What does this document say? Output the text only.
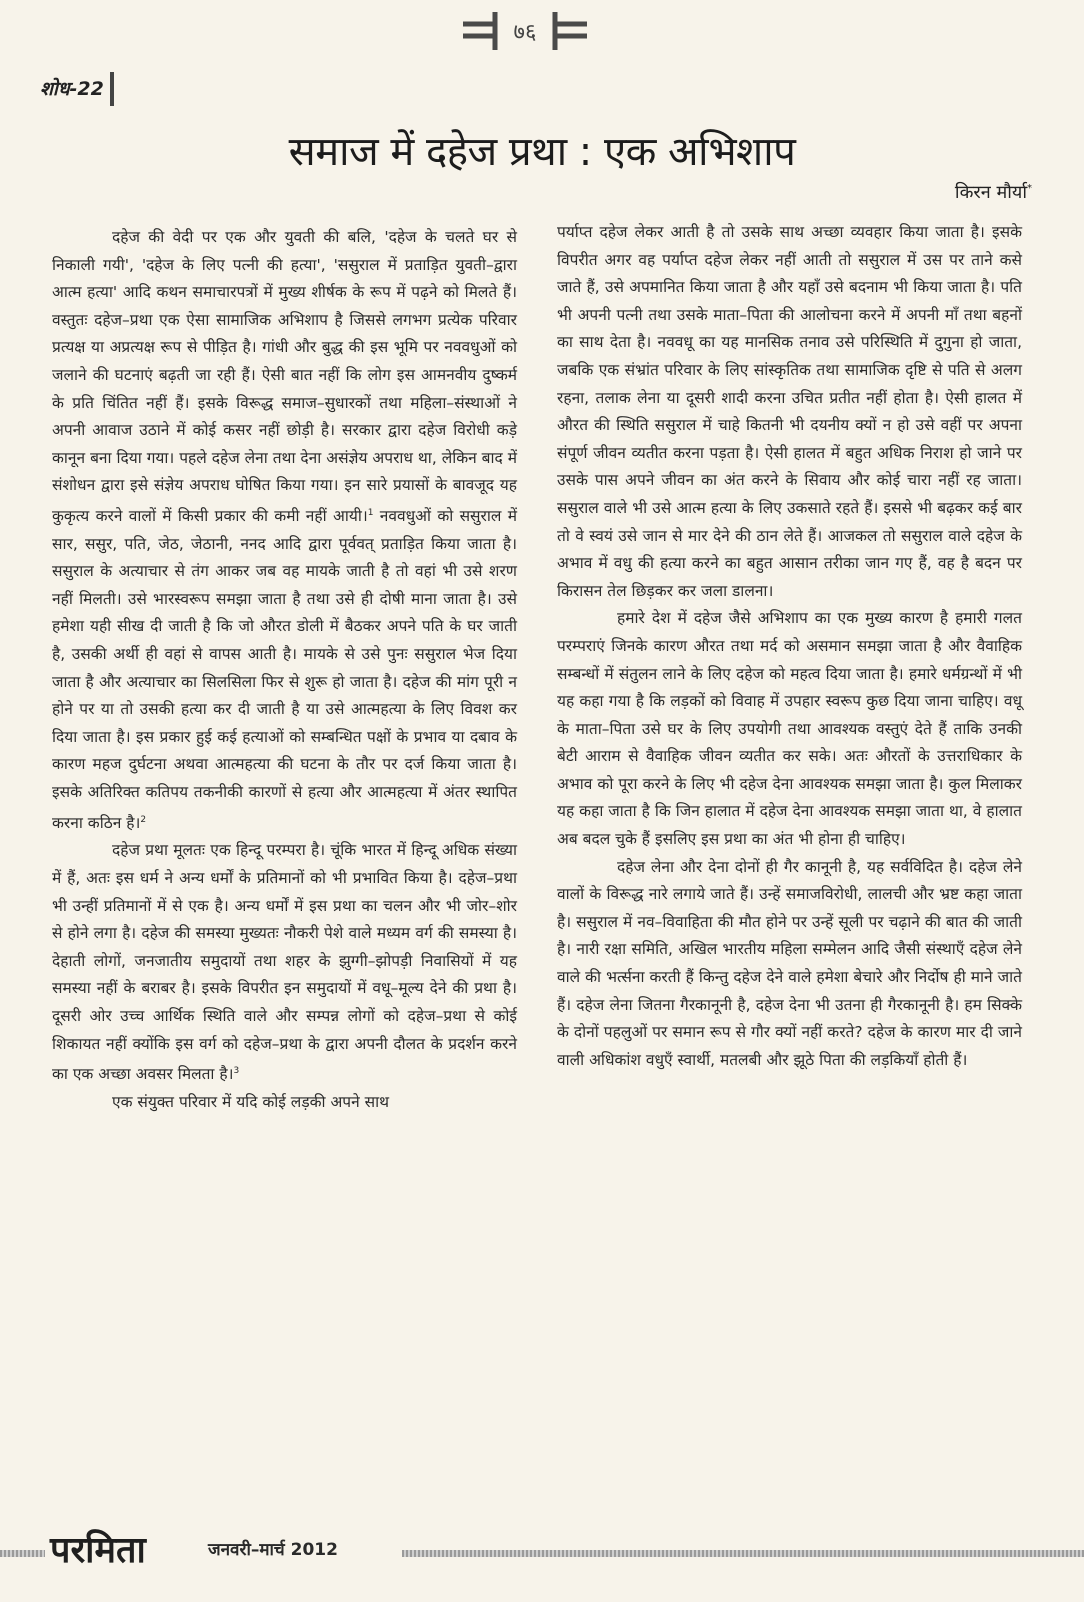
७६
शोध-22
समाज में दहेज प्रथा : एक अभिशाप
किरन मौर्या*

दहेज की वेदी पर एक और युवती की बलि, 'दहेज के चलते घर से निकाली गयी', 'दहेज के लिए पत्नी की हत्या', 'ससुराल में प्रताड़ित युवती–द्वारा आत्म हत्या' आदि कथन समाचारपत्रों में मुख्य शीर्षक के रूप में पढ़ने को मिलते हैं। वस्तुतः दहेज–प्रथा एक ऐसा सामाजिक अभिशाप है जिससे लगभग प्रत्येक परिवार प्रत्यक्ष या अप्रत्यक्ष रूप से पीड़ित है। गांधी और बुद्ध की इस भूमि पर नववधुओं को जलाने की घटनाएं बढ़ती जा रही हैं। ऐसी बात नहीं कि लोग इस आमनवीय दुष्कर्म के प्रति चिंतित नहीं हैं। इसके विरूद्ध समाज–सुधारकों तथा महिला–संस्थाओं ने अपनी आवाज उठाने में कोई कसर नहीं छोड़ी है। सरकार द्वारा दहेज विरोधी कड़े कानून बना दिया गया। पहले दहेज लेना तथा देना असंज्ञेय अपराध था, लेकिन बाद में संशोधन द्वारा इसे संज्ञेय अपराध घोषित किया गया। इन सारे प्रयासों के बावजूद यह कुकृत्य करने वालों में किसी प्रकार की कमी नहीं आयी।$^1$ नववधुओं को ससुराल में सार, ससुर, पति, जेठ, जेठानी, ननद आदि द्वारा पूर्ववत् प्रताड़ित किया जाता है। ससुराल के अत्याचार से तंग आकर जब वह मायके जाती है तो वहां भी उसे शरण नहीं मिलती। उसे भारस्वरूप समझा जाता है तथा उसे ही दोषी माना जाता है। उसे हमेशा यही सीख दी जाती है कि जो औरत डोली में बैठकर अपने पति के घर जाती है, उसकी अर्थी ही वहां से वापस आती है। मायके से उसे पुनः ससुराल भेज दिया जाता है और अत्याचार का सिलसिला फिर से शुरू हो जाता है। दहेज की मांग पूरी न होने पर या तो उसकी हत्या कर दी जाती है या उसे आत्महत्या के लिए विवश कर दिया जाता है। इस प्रकार हुई कई हत्याओं को सम्बन्धित पक्षों के प्रभाव या दबाव के कारण महज दुर्घटना अथवा आत्महत्या की घटना के तौर पर दर्ज किया जाता है। इसके अतिरिक्त कतिपय तकनीकी कारणों से हत्या और आत्महत्या में अंतर स्थापित करना कठिन है।$^2$

दहेज प्रथा मूलतः एक हिन्दू परम्परा है। चूंकि भारत में हिन्दू अधिक संख्या में हैं, अतः इस धर्म ने अन्य धर्मों के प्रतिमानों को भी प्रभावित किया है। दहेज–प्रथा भी उन्हीं प्रतिमानों में से एक है। अन्य धर्मों में इस प्रथा का चलन और भी जोर–शोर से होने लगा है। दहेज की समस्या मुख्यतः नौकरी पेशे वाले मध्यम वर्ग की समस्या है। देहाती लोगों, जनजातीय समुदायों तथा शहर के झुग्गी–झोपड़ी निवासियों में यह समस्या नहीं के बराबर है। इसके विपरीत इन समुदायों में वधू–मूल्य देने की प्रथा है। दूसरी ओर उच्च आर्थिक स्थिति वाले और सम्पन्न लोगों को दहेज–प्रथा से कोई शिकायत नहीं क्योंकि इस वर्ग को दहेज–प्रथा के द्वारा अपनी दौलत के प्रदर्शन करने का एक अच्छा अवसर मिलता है।$^3$

एक संयुक्त परिवार में यदि कोई लड़की अपने साथ

पर्याप्त दहेज लेकर आती है तो उसके साथ अच्छा व्यवहार किया जाता है। इसके विपरीत अगर वह पर्याप्त दहेज लेकर नहीं आती तो ससुराल में उस पर ताने कसे जाते हैं, उसे अपमानित किया जाता है और यहाँ उसे बदनाम भी किया जाता है। पति भी अपनी पत्नी तथा उसके माता–पिता की आलोचना करने में अपनी माँ तथा बहनों का साथ देता है। नववधू का यह मानसिक तनाव उसे परिस्थिति में दुगुना हो जाता, जबकि एक संभ्रांत परिवार के लिए सांस्कृतिक तथा सामाजिक दृष्टि से पति से अलग रहना, तलाक लेना या दूसरी शादी करना उचित प्रतीत नहीं होता है। ऐसी हालत में औरत की स्थिति ससुराल में चाहे कितनी भी दयनीय क्यों न हो उसे वहीं पर अपना संपूर्ण जीवन व्यतीत करना पड़ता है। ऐसी हालत में बहुत अधिक निराश हो जाने पर उसके पास अपने जीवन का अंत करने के सिवाय और कोई चारा नहीं रह जाता। ससुराल वाले भी उसे आत्म हत्या के लिए उकसाते रहते हैं। इससे भी बढ़कर कई बार तो वे स्वयं उसे जान से मार देने की ठान लेते हैं। आजकल तो ससुराल वाले दहेज के अभाव में वधु की हत्या करने का बहुत आसान तरीका जान गए हैं, वह है बदन पर किरासन तेल छिड़कर कर जला डालना।

हमारे देश में दहेज जैसे अभिशाप का एक मुख्य कारण है हमारी गलत परम्पराएं जिनके कारण औरत तथा मर्द को असमान समझा जाता है और वैवाहिक सम्बन्धों में संतुलन लाने के लिए दहेज को महत्व दिया जाता है। हमारे धर्मग्रन्थों में भी यह कहा गया है कि लड़कों को विवाह में उपहार स्वरूप कुछ दिया जाना चाहिए। वधू के माता–पिता उसे घर के लिए उपयोगी तथा आवश्यक वस्तुएं देते हैं ताकि उनकी बेटी आराम से वैवाहिक जीवन व्यतीत कर सके। अतः औरतों के उत्तराधिकार के अभाव को पूरा करने के लिए भी दहेज देना आवश्यक समझा जाता है। कुल मिलाकर यह कहा जाता है कि जिन हालात में दहेज देना आवश्यक समझा जाता था, वे हालात अब बदल चुके हैं इसलिए इस प्रथा का अंत भी होना ही चाहिए।

दहेज लेना और देना दोनों ही गैर कानूनी है, यह सर्वविदित है। दहेज लेने वालों के विरूद्ध नारे लगाये जाते हैं। उन्हें समाजविरोधी, लालची और भ्रष्ट कहा जाता है। ससुराल में नव–विवाहिता की मौत होने पर उन्हें सूली पर चढ़ाने की बात की जाती है। नारी रक्षा समिति, अखिल भारतीय महिला सम्मेलन आदि जैसी संस्थाएँ दहेज लेने वाले की भर्त्सना करती हैं किन्तु दहेज देने वाले हमेशा बेचारे और निर्दोष ही माने जाते हैं। दहेज लेना जितना गैरकानूनी है, दहेज देना भी उतना ही गैरकानूनी है। हम सिक्के के दोनों पहलुओं पर समान रूप से गौर क्यों नहीं करते? दहेज के कारण मार दी जाने वाली अधिकांश वधुएँ स्वार्थी, मतलबी और झूठे पिता की लड़कियाँ होती हैं।

परमिता	जनवरी–मार्च 2012
